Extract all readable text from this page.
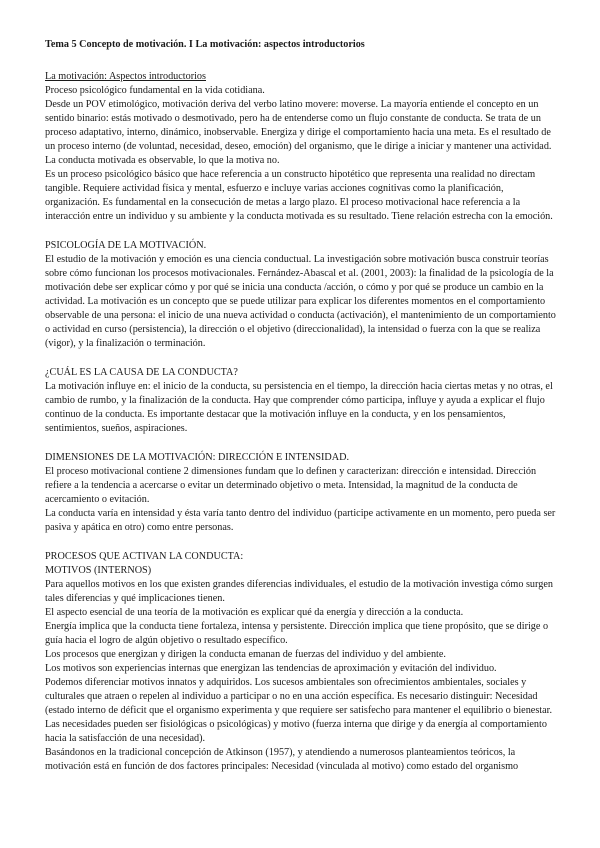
Tema 5 Concepto de motivación. I La motivación: aspectos introductorios
La motivación: Aspectos introductorios

Proceso psicológico fundamental en la vida cotidiana.

Desde un POV etimológico, motivación deriva del verbo latino movere: moverse. La mayoría entiende el concepto en un sentido binario: estás motivado o desmotivado, pero ha de entenderse como un flujo constante de conducta. Se trata de un proceso adaptativo, interno, dinámico, inobservable. Energiza y dirige el comportamiento hacia una meta. Es el resultado de un proceso interno (de voluntad, necesidad, deseo, emoción) del organismo, que le dirige a iniciar y mantener una actividad. La conducta motivada es observable, lo que la motiva no.

Es un proceso psicológico básico que hace referencia a un constructo hipotético que representa una realidad no directam tangible. Requiere actividad física y mental, esfuerzo e incluye varias acciones cognitivas como la planificación, organización. Es fundamental en la consecución de metas a largo plazo. El proceso motivacional hace referencia a la interacción entre un individuo y su ambiente y la conducta motivada es su resultado. Tiene relación estrecha con la emoción.

PSICOLOGÍA DE LA MOTIVACIÓN.

El estudio de la motivación y emoción es una ciencia conductual. La investigación sobre motivación busca construir teorías sobre cómo funcionan los procesos motivacionales. Fernández-Abascal et al. (2001, 2003): la finalidad de la psicología de la motivación debe ser explicar cómo y por qué se inicia una conducta /acción, o cómo y por qué se produce un cambio en la actividad. La motivación es un concepto que se puede utilizar para explicar los diferentes momentos en el comportamiento observable de una persona: el inicio de una nueva actividad o conducta (activación), el mantenimiento de un comportamiento o actividad en curso (persistencia), la dirección o el objetivo (direccionalidad), la intensidad o fuerza con la que se realiza (vigor), y la finalización o terminación.

¿CUÁL ES LA CAUSA DE LA CONDUCTA?

La motivación influye en: el inicio de la conducta, su persistencia en el tiempo, la dirección hacia ciertas metas y no otras, el cambio de rumbo, y la finalización de la conducta. Hay que comprender cómo participa, influye y ayuda a explicar el flujo continuo de la conducta. Es importante destacar que la motivación influye en la conducta, y en los pensamientos, sentimientos, sueños, aspiraciones.

DIMENSIONES DE LA MOTIVACIÓN: DIRECCIÓN E INTENSIDAD.

El proceso motivacional contiene 2 dimensiones fundam que lo definen y caracterizan: dirección e intensidad. Dirección refiere a la tendencia a acercarse o evitar un determinado objetivo o meta. Intensidad, la magnitud de la conducta de acercamiento o evitación.

La conducta varía en intensidad y ésta varía tanto dentro del individuo (participe activamente en un momento, pero pueda ser pasiva y apática en otro) como entre personas.

PROCESOS QUE ACTIVAN LA CONDUCTA:
MOTIVOS (INTERNOS)

Para aquellos motivos en los que existen grandes diferencias individuales, el estudio de la motivación investiga cómo surgen tales diferencias y qué implicaciones tienen.

El aspecto esencial de una teoría de la motivación es explicar qué da energía y dirección a la conducta.

Energía implica que la conducta tiene fortaleza, intensa y persistente. Dirección implica que tiene propósito, que se dirige o guía hacia el logro de algún objetivo o resultado específico.

Los procesos que energizan y dirigen la conducta emanan de fuerzas del individuo y del ambiente.

Los motivos son experiencias internas que energizan las tendencias de aproximación y evitación del individuo.

Podemos diferenciar motivos innatos y adquiridos. Los sucesos ambientales son ofrecimientos ambientales, sociales y culturales que atraen o repelen al individuo a participar o no en una acción específica. Es necesario distinguir: Necesidad (estado interno de déficit que el organismo experimenta y que requiere ser satisfecho para mantener el equilibrio o bienestar. Las necesidades pueden ser fisiológicas o psicológicas) y motivo (fuerza interna que dirige y da energía al comportamiento hacia la satisfacción de una necesidad).

Basándonos en la tradicional concepción de Atkinson (1957), y atendiendo a numerosos planteamientos teóricos, la motivación está en función de dos factores principales: Necesidad (vinculada al motivo) como estado del organismo
